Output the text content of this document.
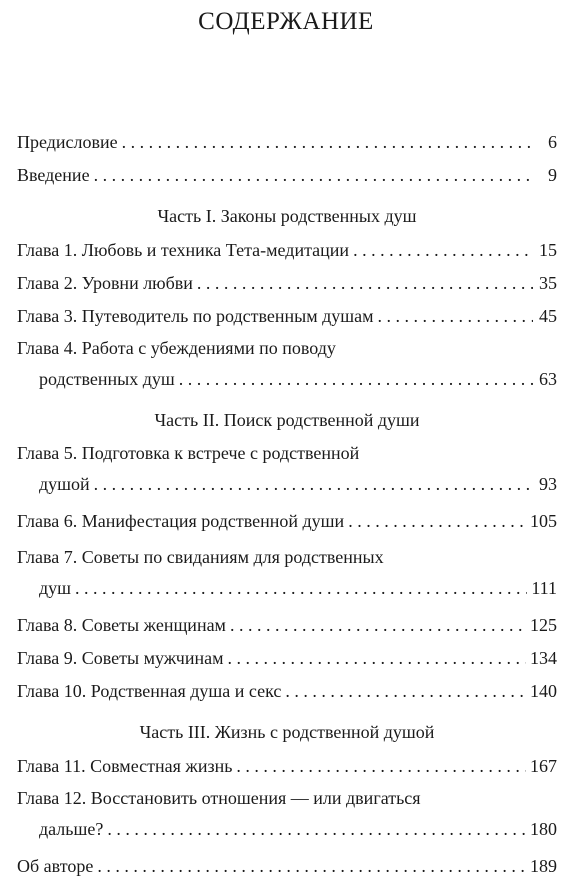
СОДЕРЖАНИЕ
Предисловие . . .	6
Введение . . .	9
Часть I. Законы родственных душ
Глава 1. Любовь и техника Тета-медитации . . .	15
Глава 2. Уровни любви . . .	35
Глава 3. Путеводитель по родственным душам . . .	45
Глава 4. Работа с убеждениями по поводу
родственных душ . . .	63
Часть II. Поиск родственной души
Глава 5. Подготовка к встрече с родственной
душой . . .	93
Глава 6. Манифестация родственной души . . .	105
Глава 7. Советы по свиданиям для родственных
душ . . .	111
Глава 8. Советы женщинам . . .	125
Глава 9. Советы мужчинам . . .	134
Глава 10. Родственная душа и секс . . .	140
Часть III. Жизнь с родственной душой
Глава 11. Совместная жизнь . . .	167
Глава 12. Восстановить отношения — или двигаться
дальше? . . .	180
Об авторе . . .	189
